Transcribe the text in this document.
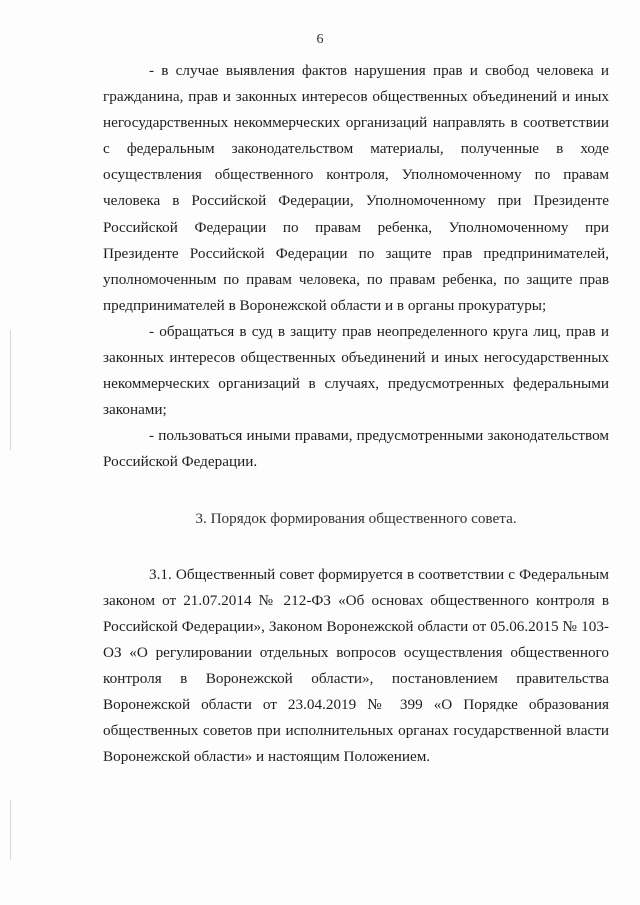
6

- в случае выявления фактов нарушения прав и свобод человека и гражданина, прав и законных интересов общественных объединений и иных негосударственных некоммерческих организаций направлять в соответствии с федеральным законодательством материалы, полученные в ходе осуществления общественного контроля, Уполномоченному по правам человека в Российской Федерации, Уполномоченному при Президенте Российской Федерации по правам ребенка, Уполномоченному при Президенте Российской Федерации по защите прав предпринимателей, уполномоченным по правам человека, по правам ребенка, по защите прав предпринимателей в Воронежской области и в органы прокуратуры;

- обращаться в суд в защиту прав неопределенного круга лиц, прав и законных интересов общественных объединений и иных негосударственных некоммерческих организаций в случаях, предусмотренных федеральными законами;

- пользоваться иными правами, предусмотренными законодательством Российской Федерации.

3. Порядок формирования общественного совета.

3.1. Общественный совет формируется в соответствии с Федеральным законом от 21.07.2014 № 212-ФЗ «Об основах общественного контроля в Российской Федерации», Законом Воронежской области от 05.06.2015 № 103-ОЗ «О регулировании отдельных вопросов осуществления общественного контроля в Воронежской области», постановлением правительства Воронежской области от 23.04.2019 № 399 «О Порядке образования общественных советов при исполнительных органах государственной власти Воронежской области» и настоящим Положением.
